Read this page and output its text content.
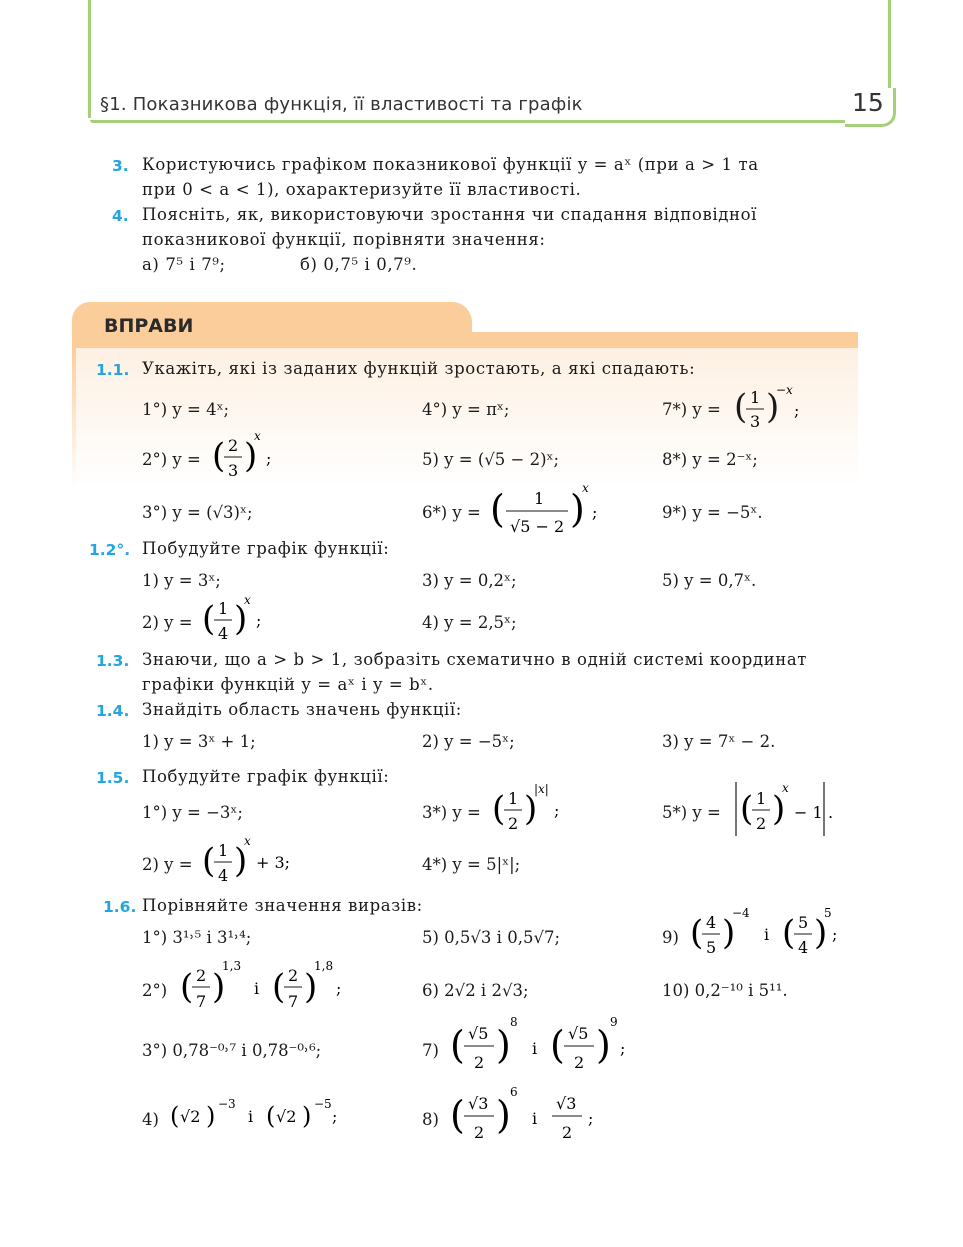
§1. Показникова функція, її властивості та графік	15
3. Користуючись графіком показникової функції y = aˣ (при a > 1 та
при 0 < a < 1), охарактеризуйте її властивості.
4. Поясніть, як, використовуючи зростання чи спадання відповідної
показникової функції, порівняти значення:
а) 7⁵ і 7⁹;	б) 0,7⁵ і 0,7⁹.
ВПРАВИ
1.1. Укажіть, які із заданих функцій зростають, а які спадають:
1°) y = 4ˣ;	4°) y = πˣ;	7*) y = ( 1
3 )
−x
;
2°) y = ( 2
3 )
x
;	5) y = (√5 − 2)ˣ;	8*) y = 2⁻ˣ;
3°) y = (√3)ˣ;	6*) y = ( 1
√5 − 2 )
x
;	9*) y = −5ˣ.
1.2°. Побудуйте графік функції:
1) y = 3ˣ;	3) y = 0,2ˣ;	5) y = 0,7ˣ.
2) y = ( 1
4 )
x
;	4) y = 2,5ˣ;
1.3. Знаючи, що a > b > 1, зобразіть схематично в одній системі координат
графіки функцій y = aˣ і y = bˣ.
1.4. Знайдіть область значень функції:
1) y = 3ˣ + 1;	2) y = −5ˣ;	3) y = 7ˣ − 2.
1.5. Побудуйте графік функції:
1°) y = −3ˣ;	3*) y = ( 1
2 )
|x|
;	5*) y = ( 1
2 )
x
− 1 .
2) y = ( 1
4 )
x
+ 3;	4*) y = 5|ˣ|;
1.6. Порівняйте значення виразів:
1°) 3¹˒⁵ і 3¹˒⁴;	5) 0,5√3 і 0,5√7;	9) ( 4
5 )
−4
і ( 5
4 )
5
;
2°) ( 2
7 )
1,3
і ( 2
7 )
1,8
;	6) 2√2 і 2√3;	10) 0,2⁻¹⁰ і 5¹¹.
3°) 0,78⁻⁰˒⁷ і 0,78⁻⁰˒⁶;	7) ( √5
2 )
8
і ( √5
2 )
9
;
4) ( √2 ) −3
і ( √2 ) −5
;	8) ( √3
2 )
6
і
√3
2
;
